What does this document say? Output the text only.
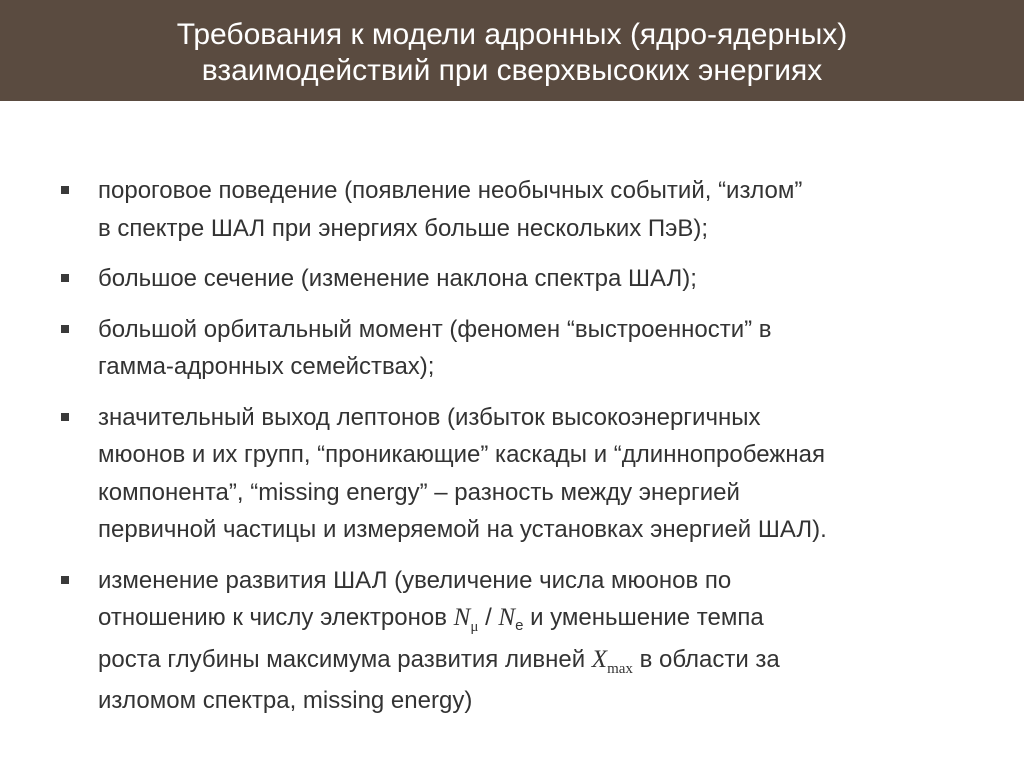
Требования к модели адронных (ядро-ядерных)
взаимодействий при сверхвысоких энергиях
пороговое поведение (появление необычных событий, “излом”
в спектре ШАЛ при энергиях больше нескольких ПэВ);
большое сечение (изменение наклона спектра ШАЛ);
большой орбитальный момент (феномен “выстроенности” в
гамма-адронных семействах);
значительный выход лептонов (избыток высокоэнергичных
мюонов и их групп, “проникающие” каскады и “длиннопробежная
компонента”, “missing energy” – разность между энергией
первичной частицы и измеряемой на установках энергией ШАЛ).
изменение развития ШАЛ (увеличение числа мюонов по
отношению к числу электронов $N_\mu / N_e$ и уменьшение темпа
роста глубины максимума развития ливней $X_{max}$ в области за
изломом спектра, missing energy)
